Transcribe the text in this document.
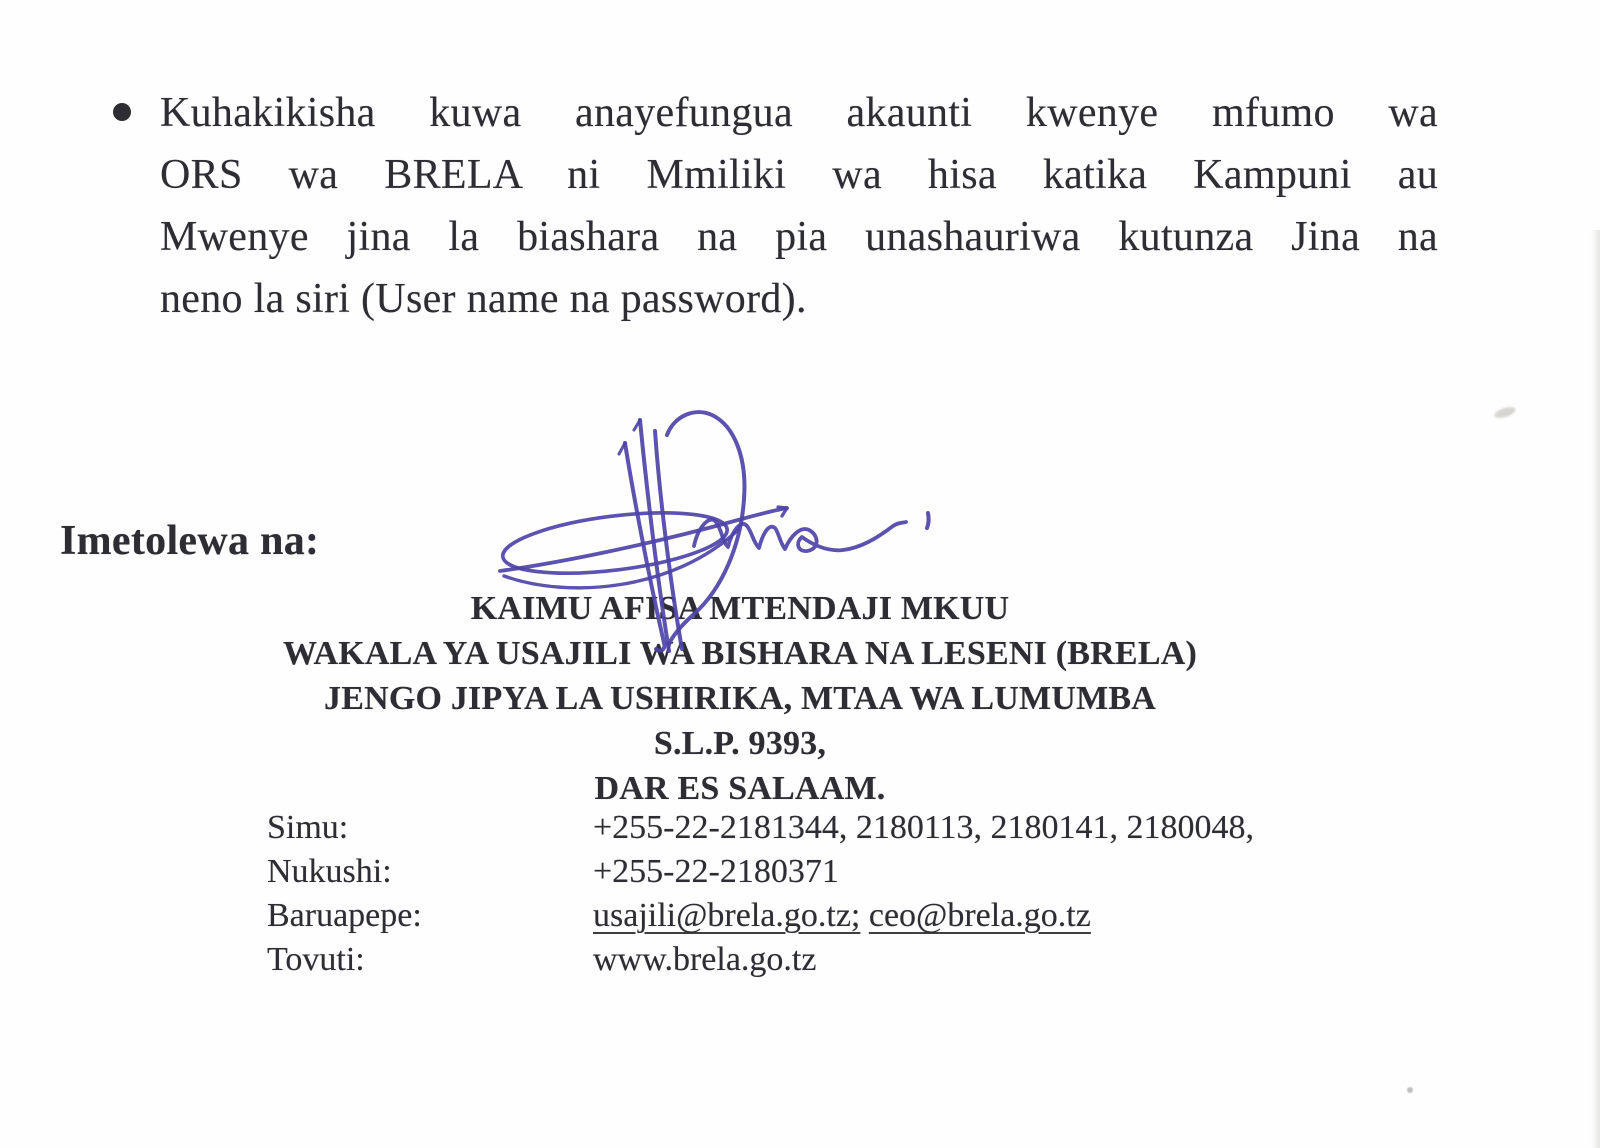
Kuhakikisha kuwa anayefungua akaunti kwenye mfumo wa
ORS wa BRELA ni Mmiliki wa hisa katika Kampuni au
Mwenye jina la biashara na pia unashauriwa kutunza Jina na
neno la siri (User name na password).
Imetolewa na:
KAIMU AFISA MTENDAJI MKUU
WAKALA YA USAJILI WA BISHARA NA LESENI (BRELA)
JENGO JIPYA LA USHIRIKA, MTAA WA LUMUMBA
S.L.P. 9393,
DAR ES SALAAM.
Simu:	+255-22-2181344, 2180113, 2180141, 2180048,
Nukushi:	+255-22-2180371
Baruapepe:	usajili@brela.go.tz; ceo@brela.go.tz
Tovuti:	www.brela.go.tz
